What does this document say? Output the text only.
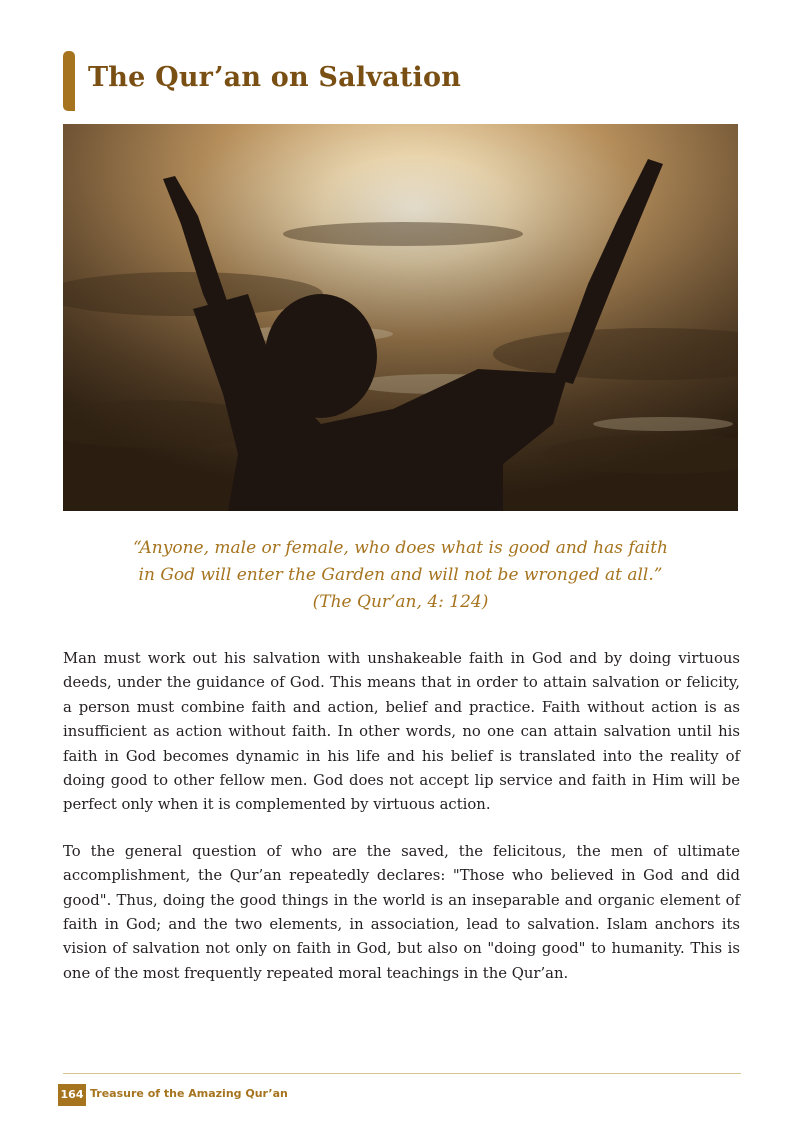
The Qur’an on Salvation
“Anyone, male or female, who does what is good and has faith
in God will enter the Garden and will not be wronged at all.”
(The Qur’an, 4: 124)

Man must work out his salvation with unshakeable faith in God and by doing virtuous deeds, under the guidance of God. This means that in order to attain salvation or felicity, a person must combine faith and action, belief and practice. Faith without action is as insufficient as action without faith. In other words, no one can attain salvation until his faith in God becomes dynamic in his life and his belief is translated into the reality of doing good to other fellow men. God does not accept lip service and faith in Him will be perfect only when it is complemented by virtuous action.

To the general question of who are the saved, the felicitous, the men of ultimate accomplishment, the Qur’an repeatedly declares: "Those who believed in God and did good". Thus, doing the good things in the world is an inseparable and organic element of faith in God; and the two elements, in association, lead to salvation. Islam anchors its vision of salvation not only on faith in God, but also on "doing good" to humanity. This is one of the most frequently repeated moral teachings in the Qur’an.

164 Treasure of the Amazing Qur’an
